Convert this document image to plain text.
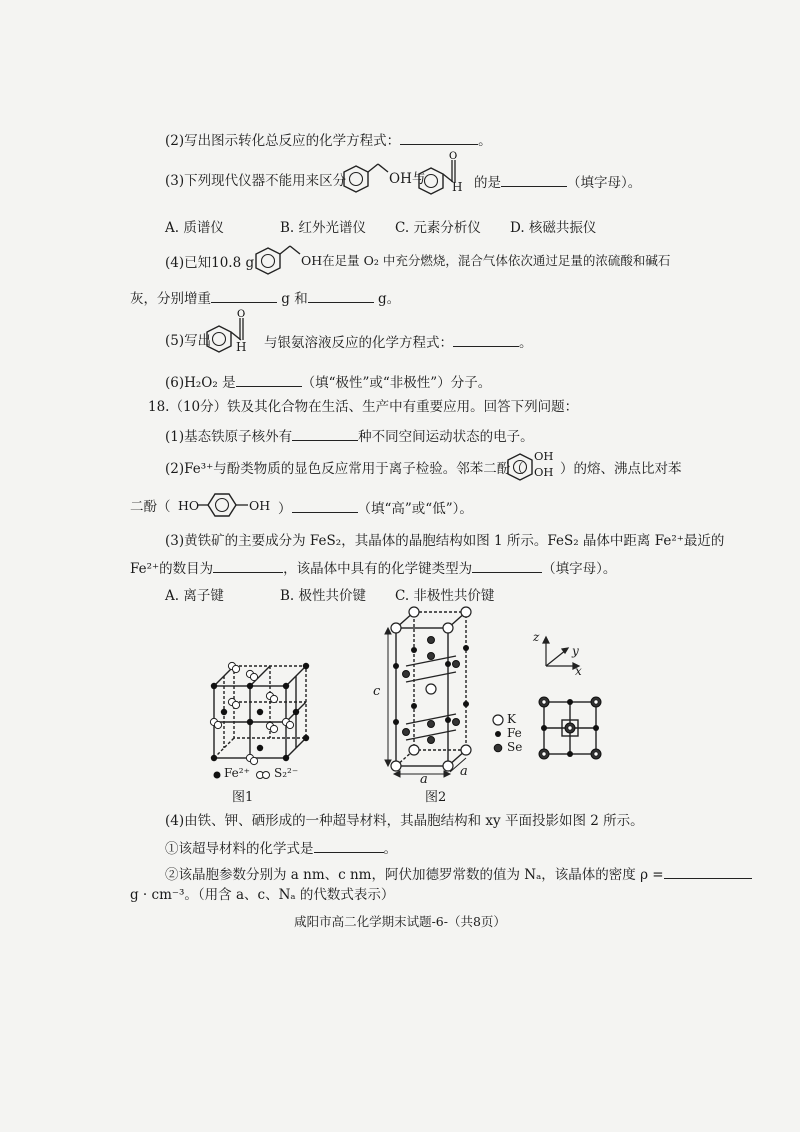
(2)写出图示转化总反应的化学方程式：	。
(3)下列现代仪器不能用来区分	OH与
O
H 的是	（填字母）。
A. 质谱仪	B. 红外光谱仪 C. 元素分析仪 D. 核磁共振仪
(4)已知10.8 g	OH在足量 O₂ 中充分燃烧，混合气体依次通过足量的浓硫酸和碱石
灰，分别增重	g 和	g。
(5)写出
O
H 与银氨溶液反应的化学方程式：	。
(6)H₂O₂ 是	（填“极性”或“非极性”）分子。
18.（10分）铁及其化合物在生活、生产中有重要应用。回答下列问题：
(1)基态铁原子核外有	种不同空间运动状态的电子。
(2)Fe³⁺与酚类物质的显色反应常用于离子检验。邻苯二酚（
OH
OH ）的熔、沸点比对苯
二酚（ HO	OH ）	（填“高”或“低”）。
(3)黄铁矿的主要成分为 FeS₂，其晶体的晶胞结构如图 1 所示。FeS₂ 晶体中距离 Fe²⁺最近的
Fe²⁺的数目为	，该晶体中具有的化学键类型为	（填字母）。
A. 离子键	B. 极性共价键 C. 非极性共价键
Fe²⁺ S₂²⁻
图1
c
a
a
图2
K
Fe
Se
z
y
x
(4)由铁、钾、硒形成的一种超导材料，其晶胞结构和 xy 平面投影如图 2 所示。
①该超导材料的化学式是	。
②该晶胞参数分别为 a nm、c nm，阿伏加德罗常数的值为 Nₐ，该晶体的密度 ρ =
g · cm⁻³。（用含 a、c、Nₐ 的代数式表示）
咸阳市高二化学期末试题-6-（共8页）
